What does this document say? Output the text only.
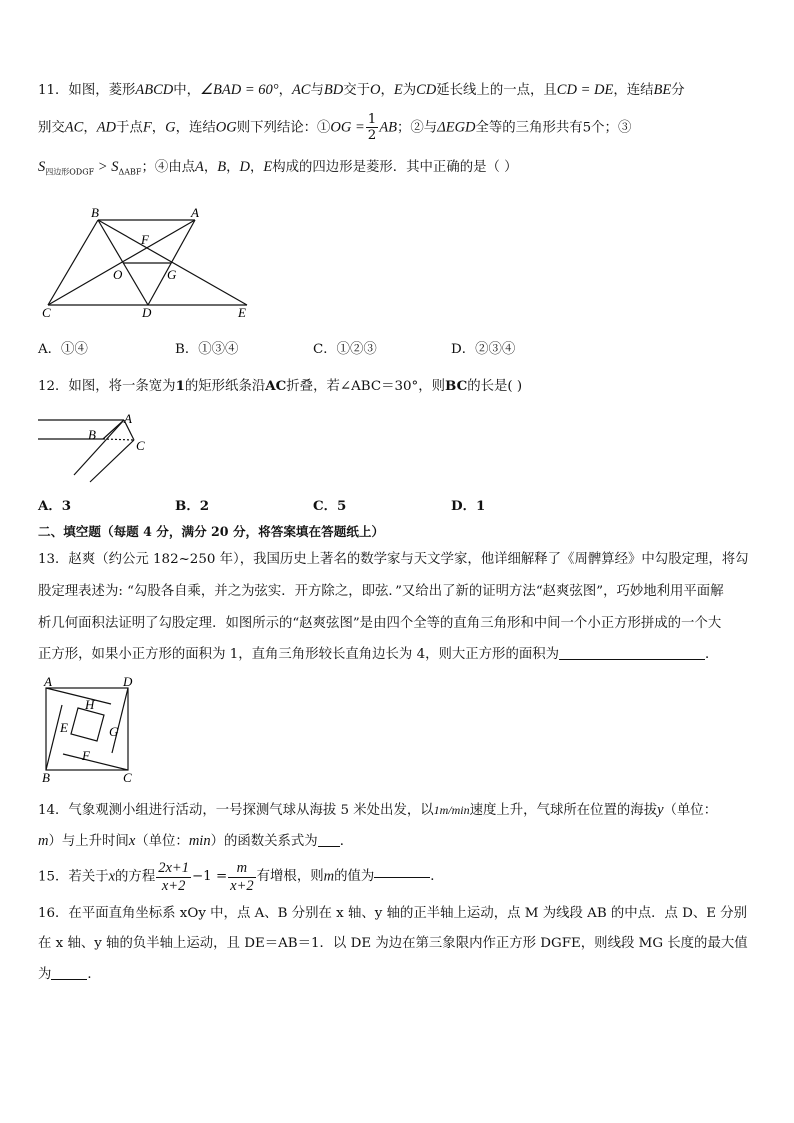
11．如图，菱形ABCD中，∠BAD = 60°，AC与BD交于O，E为CD延长线上的一点，且CD = DE，连结BE分
别交AC，AD于点F，G，连结OG则下列结论：①OG = $\frac{1}{2}$ AB；②与ΔEGD全等的三角形共有5个；③
$S_{四边形ODGF} > S_{\Delta ABF}$；④由点A，B，D，E构成的四边形是菱形．其中正确的是（ ）
B	A
F
O	G
C	D	E
A．①④	B．①③④	C．①②③	D．②③④
12．如图，将一条宽为1的矩形纸条沿AC折叠，若∠ABC＝30°，则BC的长是( )
A
B
C
A．3	B．2	C．5	D．1
二、填空题（每题 4 分，满分 20 分，将答案填在答题纸上）
13．赵爽（约公元 182~250 年），我国历史上著名的数学家与天文学家，他详细解释了《周髀算经》中勾股定理，将勾
股定理表述为: “勾股各自乘，并之为弦实．开方除之，即弦．”又给出了新的证明方法“赵爽弦图”，巧妙地利用平面解
析几何面积法证明了勾股定理．如图所示的“赵爽弦图”是由四个全等的直角三角形和中间一个小正方形拼成的一个大
正方形，如果小正方形的面积为 1，直角三角形较长直角边长为 4，则大正方形的面积为	．
A	D
H
E	G
F
B	C
14．气象观测小组进行活动，一号探测气球从海拔 5 米处出发，以1m/min速度上升，气球所在位置的海拔y（单位：
m）与上升时间x（单位：min）的函数关系式为 ．
15．若关于x的方程 $\frac{2x+1}{x+2} -1 = \frac{m}{x+2}$ 有增根，则m的值为	．
16．在平面直角坐标系 xOy 中，点 A、B 分别在 x 轴、y 轴的正半轴上运动，点 M 为线段 AB 的中点．点 D、E 分别
在 x 轴、y 轴的负半轴上运动，且 DE＝AB＝1．以 DE 为边在第三象限内作正方形 DGFE，则线段 MG 长度的最大值
为	．
